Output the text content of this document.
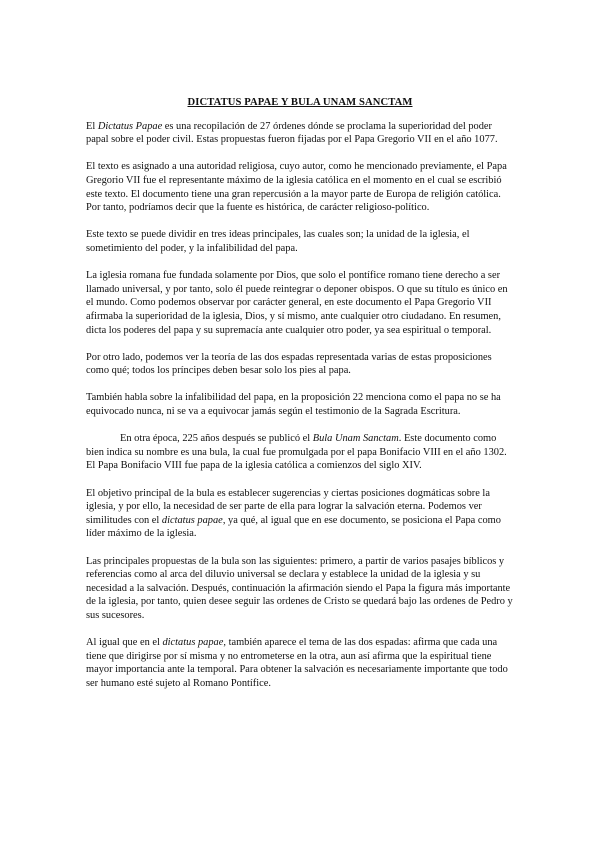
DICTATUS PAPAE Y BULA UNAM SANCTAM

El Dictatus Papae es una recopilación de 27 órdenes dónde se proclama la superioridad del poder papal sobre el poder civil. Estas propuestas fueron fijadas por el Papa Gregorio VII en el año 1077.

El texto es asignado a una autoridad religiosa, cuyo autor, como he mencionado previamente, el Papa Gregorio VII fue el representante máximo de la iglesia católica en el momento en el cual se escribió este texto. El documento tiene una gran repercusión a la mayor parte de Europa de religión católica. Por tanto, podríamos decir que la fuente es histórica, de carácter religioso-político.

Este texto se puede dividir en tres ideas principales, las cuales son; la unidad de la iglesia, el sometimiento del poder, y la infalibilidad del papa.

La iglesia romana fue fundada solamente por Dios, que solo el pontífice romano tiene derecho a ser llamado universal, y por tanto, solo él puede reintegrar o deponer obispos. O que su título es único en el mundo. Como podemos observar por carácter general, en este documento el Papa Gregorio VII afirmaba la superioridad de la iglesia, Dios, y sí mismo, ante cualquier otro ciudadano. En resumen, dicta los poderes del papa y su supremacía ante cualquier otro poder, ya sea espiritual o temporal.

Por otro lado, podemos ver la teoría de las dos espadas representada varias de estas proposiciones como qué; todos los príncipes deben besar solo los pies al papa.

También habla sobre la infalibilidad del papa, en la proposición 22 menciona como el papa no se ha equivocado nunca, ni se va a equivocar jamás según el testimonio de la Sagrada Escritura.

En otra época, 225 años después se publicó el Bula Unam Sanctam. Este documento como bien indica su nombre es una bula, la cual fue promulgada por el papa Bonifacio VIII en el año 1302. El Papa Bonifacio VIII fue papa de la iglesia católica a comienzos del siglo XIV.

El objetivo principal de la bula es establecer sugerencias y ciertas posiciones dogmáticas sobre la iglesia, y por ello, la necesidad de ser parte de ella para lograr la salvación eterna. Podemos ver similitudes con el dictatus papae, ya qué, al igual que en ese documento, se posiciona el Papa como líder máximo de la iglesia.

Las principales propuestas de la bula son las siguientes: primero, a partir de varios pasajes bíblicos y referencias como al arca del diluvio universal se declara y establece la unidad de la iglesia y su necesidad a la salvación. Después, continuación la afirmación siendo el Papa la figura más importante de la iglesia, por tanto, quien desee seguir las ordenes de Cristo se quedará bajo las ordenes de Pedro y sus sucesores.

Al igual que en el dictatus papae, también aparece el tema de las dos espadas: afirma que cada una tiene que dirigirse por sí misma y no entrometerse en la otra, aun así afirma que la espiritual tiene mayor importancia ante la temporal. Para obtener la salvación es necesariamente importante que todo ser humano esté sujeto al Romano Pontífice.
